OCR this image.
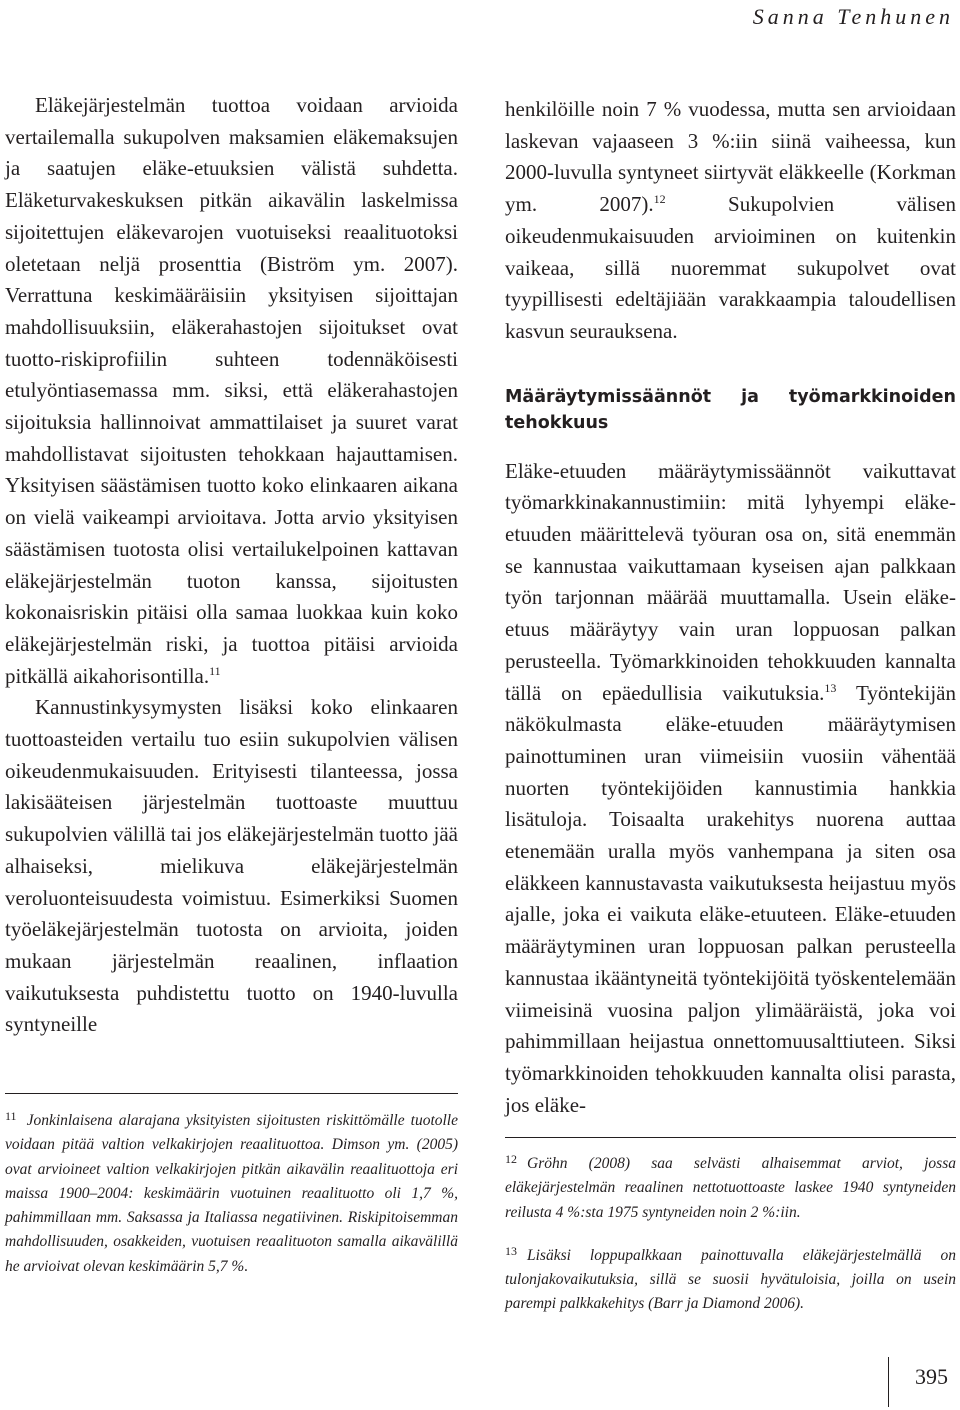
Sanna Tenhunen

Eläkejärjestelmän tuottoa voidaan arvioida vertailemalla sukupolven maksamien eläkemaksujen ja saatujen eläke-etuuksien välistä suhdetta. Eläketurvakeskuksen pitkän aikavälin laskelmissa sijoitettujen eläkevarojen vuotuiseksi reaalituotoksi oletetaan neljä prosenttia (Biström ym. 2007). Verrattuna keskimääräisiin yksityisen sijoittajan mahdollisuuksiin, eläkerahastojen sijoitukset ovat tuotto-riskiprofiilin suhteen todennäköisesti etulyöntiasemassa mm. siksi, että eläkerahastojen sijoituksia hallinnoivat ammattilaiset ja suuret varat mahdollistavat sijoitusten tehokkaan hajauttamisen. Yksityisen säästämisen tuotto koko elinkaaren aikana on vielä vaikeampi arvioitava. Jotta arvio yksityisen säästämisen tuotosta olisi vertailukelpoinen kattavan eläkejärjestelmän tuoton kanssa, sijoitusten kokonaisriskin pitäisi olla samaa luokkaa kuin koko eläkejärjestelmän riski, ja tuottoa pitäisi arvioida pitkällä aikahorisontilla.$^{11}$

Kannustinkysymysten lisäksi koko elinkaaren tuottoasteiden vertailu tuo esiin sukupolvien välisen oikeudenmukaisuuden. Erityisesti tilanteessa, jossa lakisääteisen järjestelmän tuottoaste muuttuu sukupolvien välillä tai jos eläkejärjestelmän tuotto jää alhaiseksi, mielikuva eläkejärjestelmän veroluonteisuudesta voimistuu. Esimerkiksi Suomen työeläkejärjestelmän tuotosta on arvioita, joiden mukaan järjestelmän reaalinen, inflaation vaikutuksesta puhdistettu tuotto on 1940-luvulla syntyneille

henkilöille noin 7 % vuodessa, mutta sen arvioidaan laskevan vajaaseen 3 %:iin siinä vaiheessa, kun 2000-luvulla syntyneet siirtyvät eläkkeelle (Korkman ym. 2007).$^{12}$ Sukupolvien välisen oikeudenmukaisuuden arvioiminen on kuitenkin vaikeaa, sillä nuoremmat sukupolvet ovat tyypillisesti edeltäjiään varakkaampia taloudellisen kasvun seurauksena.

Määräytymissäännöt ja työmarkkinoiden tehokkuus

Eläke-etuuden määräytymissäännöt vaikuttavat työmarkkinakannustimiin: mitä lyhyempi eläke-etuuden määrittelevä työuran osa on, sitä enemmän se kannustaa vaikuttamaan kyseisen ajan palkkaan työn tarjonnan määrää muuttamalla. Usein eläke-etuus määräytyy vain uran loppuosan palkan perusteella. Työmarkkinoiden tehokkuuden kannalta tällä on epäedullisia vaikutuksia.$^{13}$ Työntekijän näkökulmasta eläke-etuuden määräytymisen painottuminen uran viimeisiin vuosiin vähentää nuorten työntekijöiden kannustimia hankkia lisätuloja. Toisaalta urakehitys nuorena auttaa etenemään uralla myös vanhempana ja siten osa eläkkeen kannustavasta vaikutuksesta heijastuu myös ajalle, joka ei vaikuta eläke-etuuteen. Eläke-etuuden määräytyminen uran loppuosan palkan perusteella kannustaa ikääntyneitä työntekijöitä työskentelemään viimeisinä vuosina paljon ylimääräistä, joka voi pahimmillaan heijastua onnettomuusalttiuteen. Siksi työmarkkinoiden tehokkuuden kannalta olisi parasta, jos eläke-

$^{11}$ Jonkinlaisena alarajana yksityisten sijoitusten riskittömälle tuotolle voidaan pitää valtion velkakirjojen reaalituottoa. Dimson ym. (2005) ovat arvioineet valtion velkakirjojen pitkän aikavälin reaalituottoja eri maissa 1900–2004: keskimäärin vuotuinen reaalituotto oli 1,7 %, pahimmillaan mm. Saksassa ja Italiassa negatiivinen. Riskipitoisemman mahdollisuuden, osakkeiden, vuotuisen reaalituoton samalla aikavälillä he arvioivat olevan keskimäärin 5,7 %.
$^{12}$ Gröhn (2008) saa selvästi alhaisemmat arviot, jossa eläkejärjestelmän reaalinen nettotuottoaste laskee 1940 syntyneiden reilusta 4 %:sta 1975 syntyneiden noin 2 %:iin.
$^{13}$ Lisäksi loppupalkkaan painottuvalla eläkejärjestelmällä on tulonjakovaikutuksia, sillä se suosii hyvätuloisia, joilla on usein parempi palkkakehitys (Barr ja Diamond 2006).
395
